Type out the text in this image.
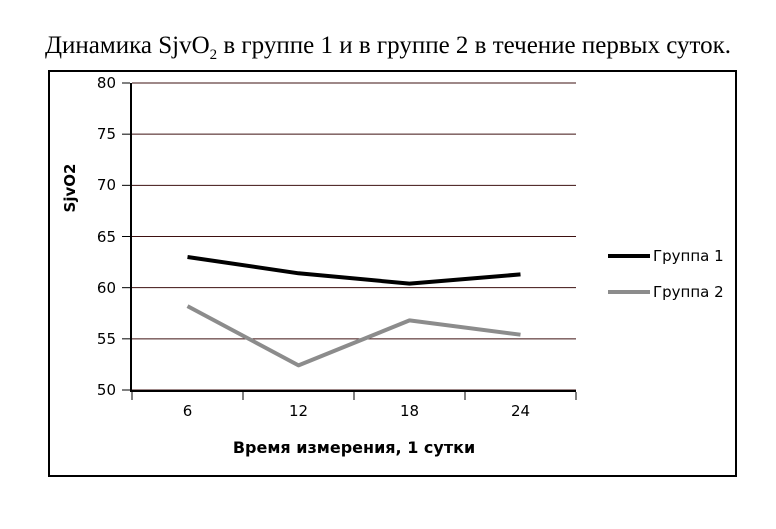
Динамика SjvO$_2$ в группе 1 и в группе 2 в течение первых суток.
SjvO2
Время измерения, 1 сутки
Группа 1
Группа 2
50
55
60
65
70
75
80
6	12	18	24
